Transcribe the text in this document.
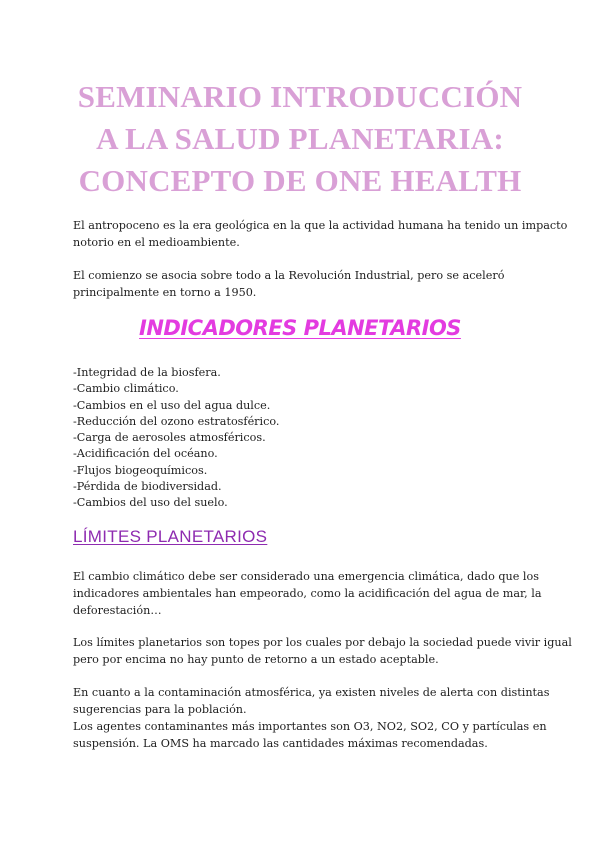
SEMINARIO INTRODUCCIÓN
A LA SALUD PLANETARIA:
CONCEPTO DE ONE HEALTH
El antropoceno es la era geológica en la que la actividad humana ha tenido un impacto
notorio en el medioambiente.
El comienzo se asocia sobre todo a la Revolución Industrial, pero se aceleró
principalmente en torno a 1950.
INDICADORES PLANETARIOS
-Integridad de la biosfera.
-Cambio climático.
-Cambios en el uso del agua dulce.
-Reducción del ozono estratosférico.
-Carga de aerosoles atmosféricos.
-Acidificación del océano.
-Flujos biogeoquímicos.
-Pérdida de biodiversidad.
-Cambios del uso del suelo.
LÍMITES PLANETARIOS
El cambio climático debe ser considerado una emergencia climática, dado que los
indicadores ambientales han empeorado, como la acidificación del agua de mar, la
deforestación…
Los límites planetarios son topes por los cuales por debajo la sociedad puede vivir igual
pero por encima no hay punto de retorno a un estado aceptable.
En cuanto a la contaminación atmosférica, ya existen niveles de alerta con distintas
sugerencias para la población.
Los agentes contaminantes más importantes son O3, NO2, SO2, CO y partículas en
suspensión. La OMS ha marcado las cantidades máximas recomendadas.
